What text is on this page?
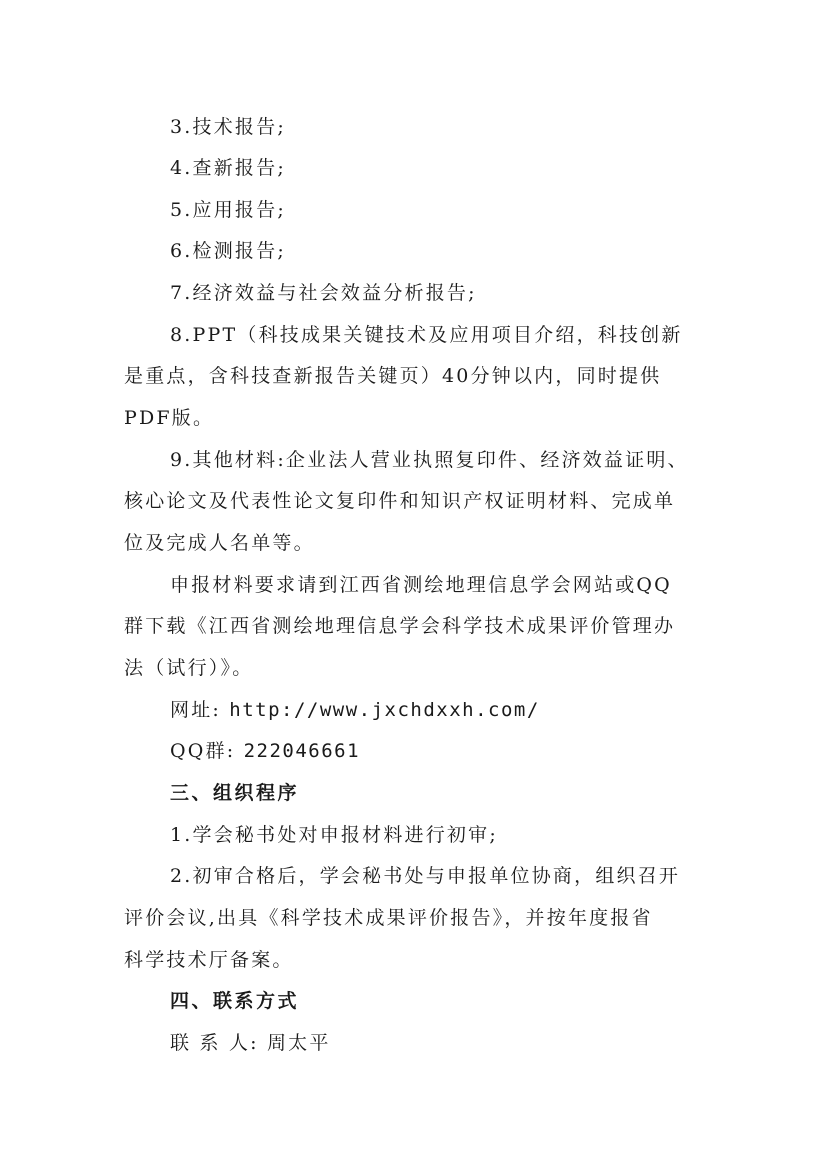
3.技术报告;

4.查新报告;

5.应用报告;

6.检测报告;

7.经济效益与社会效益分析报告;

8.PPT（科技成果关键技术及应用项目介绍，科技创新

是重点，含科技查新报告关键页）40分钟以内，同时提供

PDF版。

9.其他材料:企业法人营业执照复印件、经济效益证明、

核心论文及代表性论文复印件和知识产权证明材料、完成单

位及完成人名单等。

申报材料要求请到江西省测绘地理信息学会网站或QQ

群下载《江西省测绘地理信息学会科学技术成果评价管理办

法（试行）》。

网址: http://www.jxchdxxh.com/

QQ群: 222046661

三、组织程序

1.学会秘书处对申报材料进行初审;

2.初审合格后，学会秘书处与申报单位协商，组织召开

评价会议,出具《科学技术成果评价报告》，并按年度报省

科学技术厅备案。

四、联系方式

联 系 人: 周太平
